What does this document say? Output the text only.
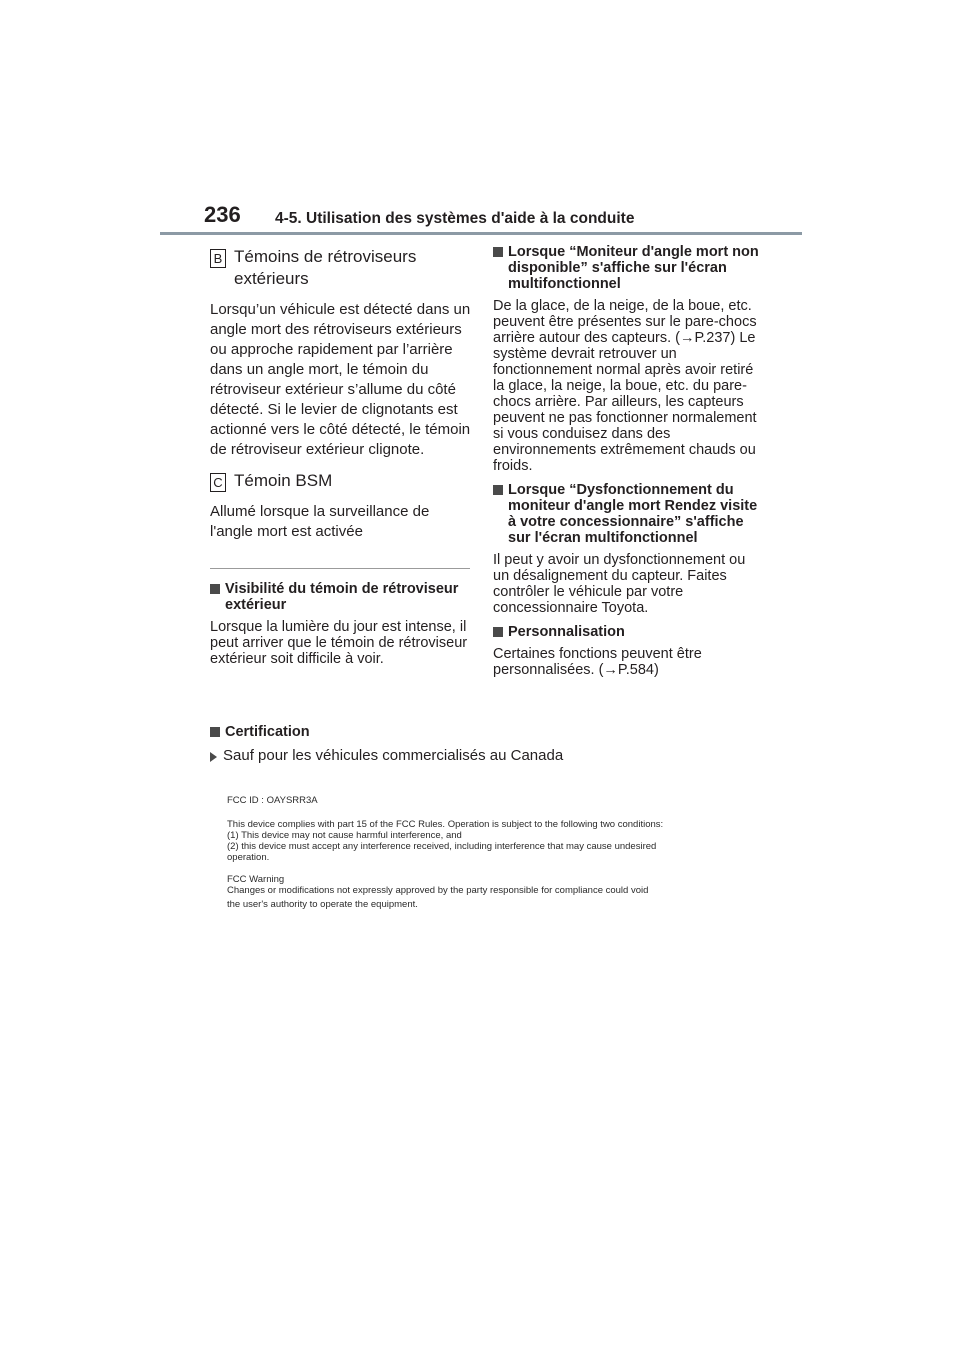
236 4-5. Utilisation des systèmes d'aide à la conduite
B Témoins de rétroviseurs extérieurs
Lorsqu’un véhicule est détecté dans un angle mort des rétroviseurs extérieurs ou approche rapidement par l’arrière dans un angle mort, le témoin du rétroviseur extérieur s’allume du côté détecté. Si le levier de clignotants est actionné vers le côté détecté, le témoin de rétroviseur extérieur clignote.
C Témoin BSM
Allumé lorsque la surveillance de l'angle mort est activée
Visibilité du témoin de rétroviseur extérieur
Lorsque la lumière du jour est intense, il peut arriver que le témoin de rétroviseur extérieur soit difficile à voir.
Lorsque “Moniteur d'angle mort non disponible” s'affiche sur l'écran multifonctionnel
De la glace, de la neige, de la boue, etc. peuvent être présentes sur le pare-chocs arrière autour des capteurs. (→P.237) Le système devrait retrouver un fonctionnement normal après avoir retiré la glace, la neige, la boue, etc. du pare-chocs arrière. Par ailleurs, les capteurs peuvent ne pas fonctionner normalement si vous conduisez dans des environnements extrêmement chauds ou froids.
Lorsque “Dysfonctionnement du moniteur d'angle mort Rendez visite à votre concessionnaire” s'affiche sur l'écran multifonctionnel
Il peut y avoir un dysfonctionnement ou un désalignement du capteur. Faites contrôler le véhicule par votre concessionnaire Toyota.
Personnalisation
Certaines fonctions peuvent être personnalisées. (→P.584)
Certification
Sauf pour les véhicules commercialisés au Canada
FCC ID : OAYSRR3A
This device complies with part 15 of the FCC Rules. Operation is subject to the following two conditions:
(1) This device may not cause harmful interference, and
(2) this device must accept any interference received, including interference that may cause undesired
operation.
FCC Warning
Changes or modifications not expressly approved by the party responsible for compliance could void
the user's authority to operate the equipment.
